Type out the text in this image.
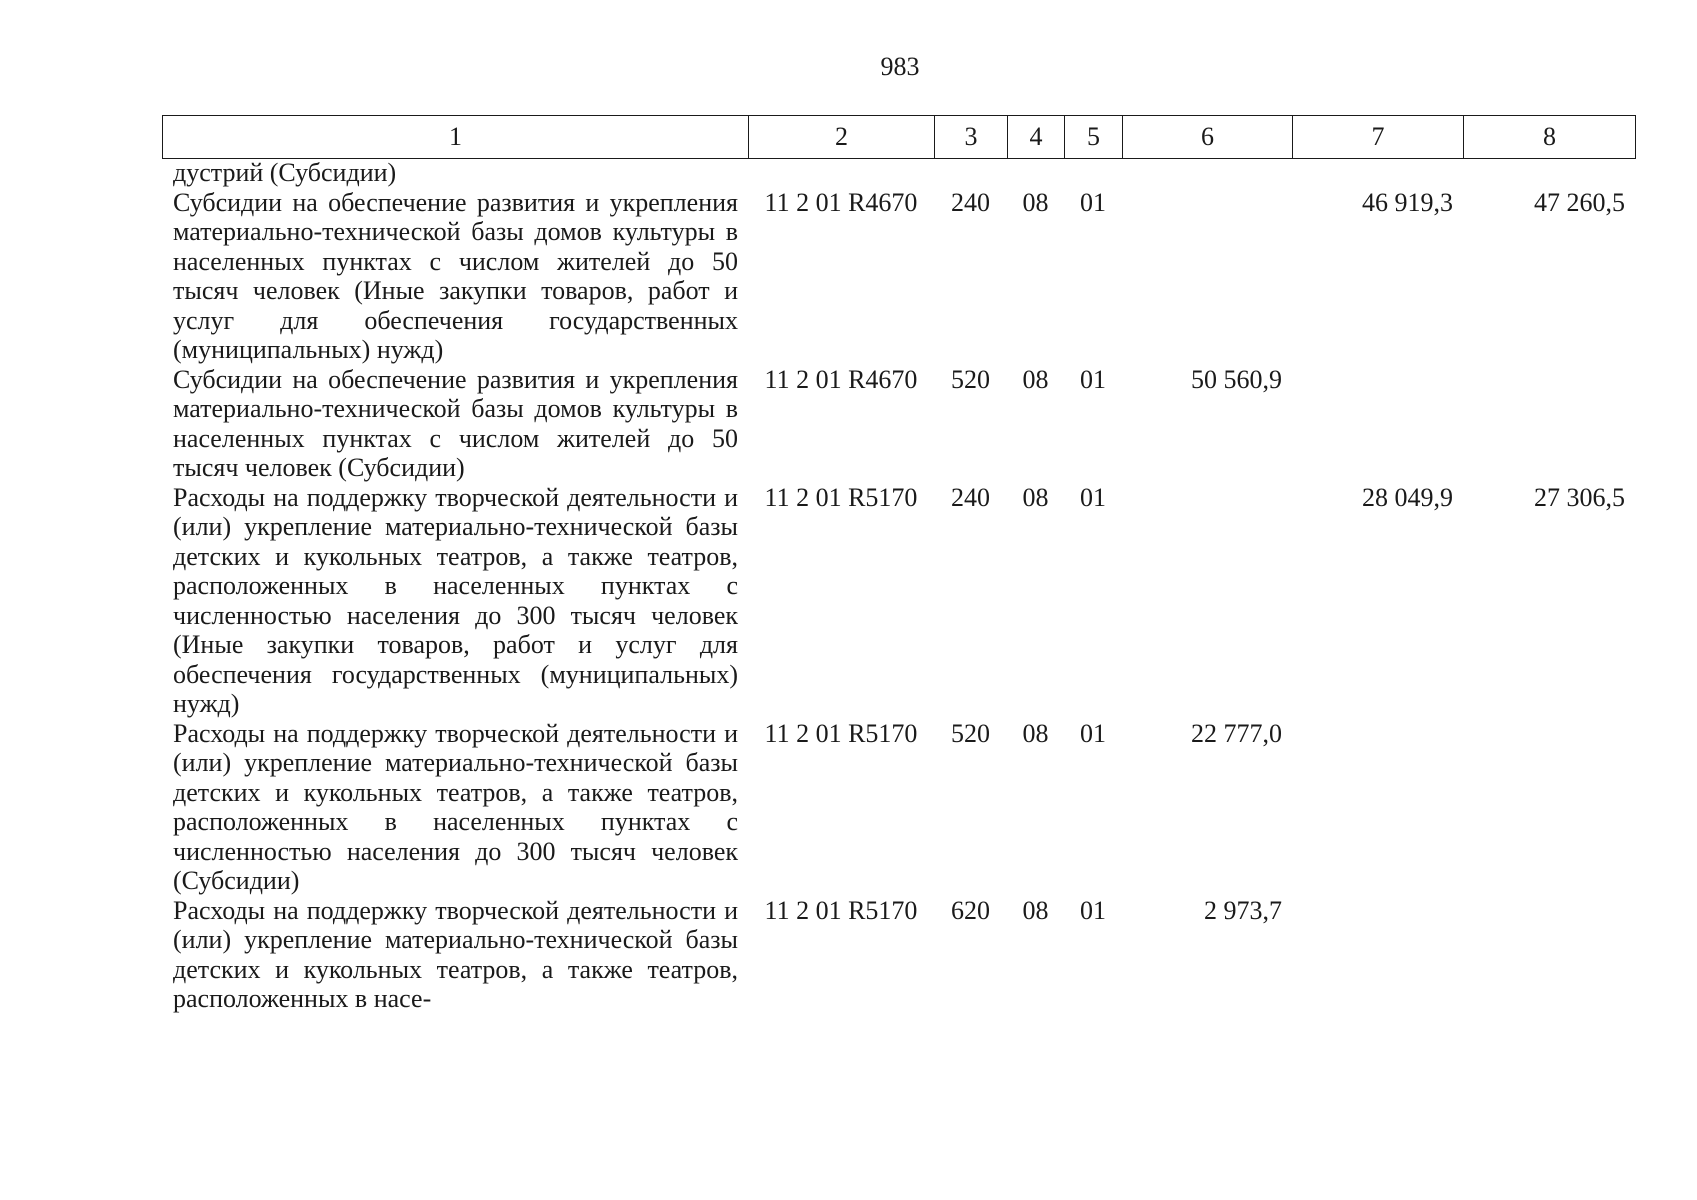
983
1	2	3	4	5	6	7	8
дустрий (Субсидии)							
Субсидии на обеспечение развития и укрепления материально-технической базы домов культуры в населенных пунктах с числом жителей до 50 тысяч человек (Иные закупки товаров, работ и услуг для обеспечения государственных (муниципальных) нужд)	11 2 01 R4670	240	08	01		46 919,3	47 260,5
Субсидии на обеспечение развития и укрепления материально-технической базы домов культуры в населенных пунктах с числом жителей до 50 тысяч человек (Субсидии)	11 2 01 R4670	520	08	01	50 560,9		
Расходы на поддержку творческой деятельности и (или) укрепление материально-технической базы детских и кукольных театров, а также театров, расположенных в населенных пунктах с численностью населения до 300 тысяч человек (Иные закупки товаров, работ и услуг для обеспечения государственных (муниципальных) нужд)	11 2 01 R5170	240	08	01		28 049,9	27 306,5
Расходы на поддержку творческой деятельности и (или) укрепление материально-технической базы детских и кукольных театров, а также театров, расположенных в населенных пунктах с численностью населения до 300 тысяч человек (Субсидии)	11 2 01 R5170	520	08	01	22 777,0		
Расходы на поддержку творческой деятельности и (или) укрепление материально-технической базы детских и кукольных театров, а также театров, расположенных в насе-	11 2 01 R5170	620	08	01	2 973,7		
